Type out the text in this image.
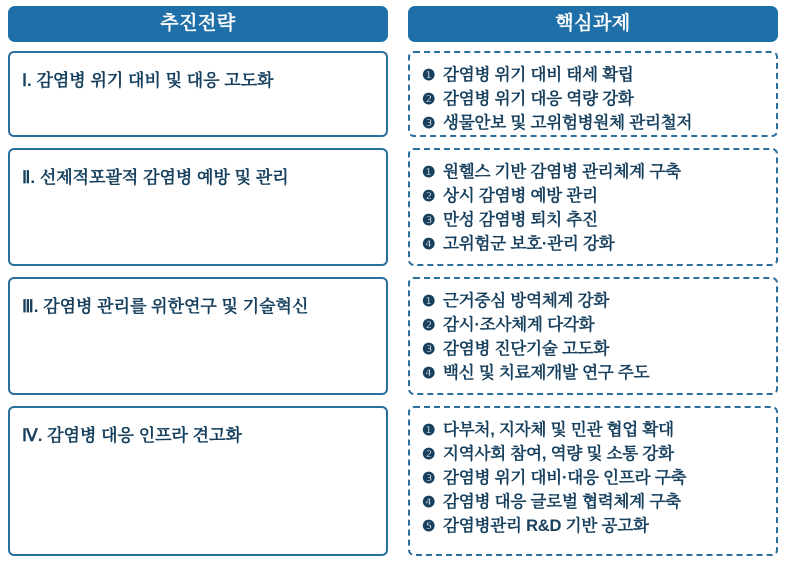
추진전략	핵심과제
Ⅰ. 감염병 위기 대비 및 대응 고도화	❶ 감염병 위기 대비 태세 확립
❷ 감염병 위기 대응 역량 강화
❸ 생물안보 및 고위험병원체 관리철저
Ⅱ. 선제적포괄적 감염병 예방 및 관리	❶ 원헬스 기반 감염병 관리체계 구축
❷ 상시 감염병 예방 관리
❸ 만성 감염병 퇴치 추진
❹ 고위험군 보호·관리 강화
Ⅲ. 감염병 관리를 위한연구 및 기술혁신	❶ 근거중심 방역체계 강화
❷ 감시·조사체계 다각화
❸ 감염병 진단기술 고도화
❹ 백신 및 치료제개발 연구 주도
Ⅳ. 감염병 대응 인프라 견고화	❶ 다부처, 지자체 및 민관 협업 확대
❷ 지역사회 참여, 역량 및 소통 강화
❸ 감염병 위기 대비·대응 인프라 구축
❹ 감염병 대응 글로벌 협력체계 구축
❺ 감염병관리 R&D 기반 공고화
